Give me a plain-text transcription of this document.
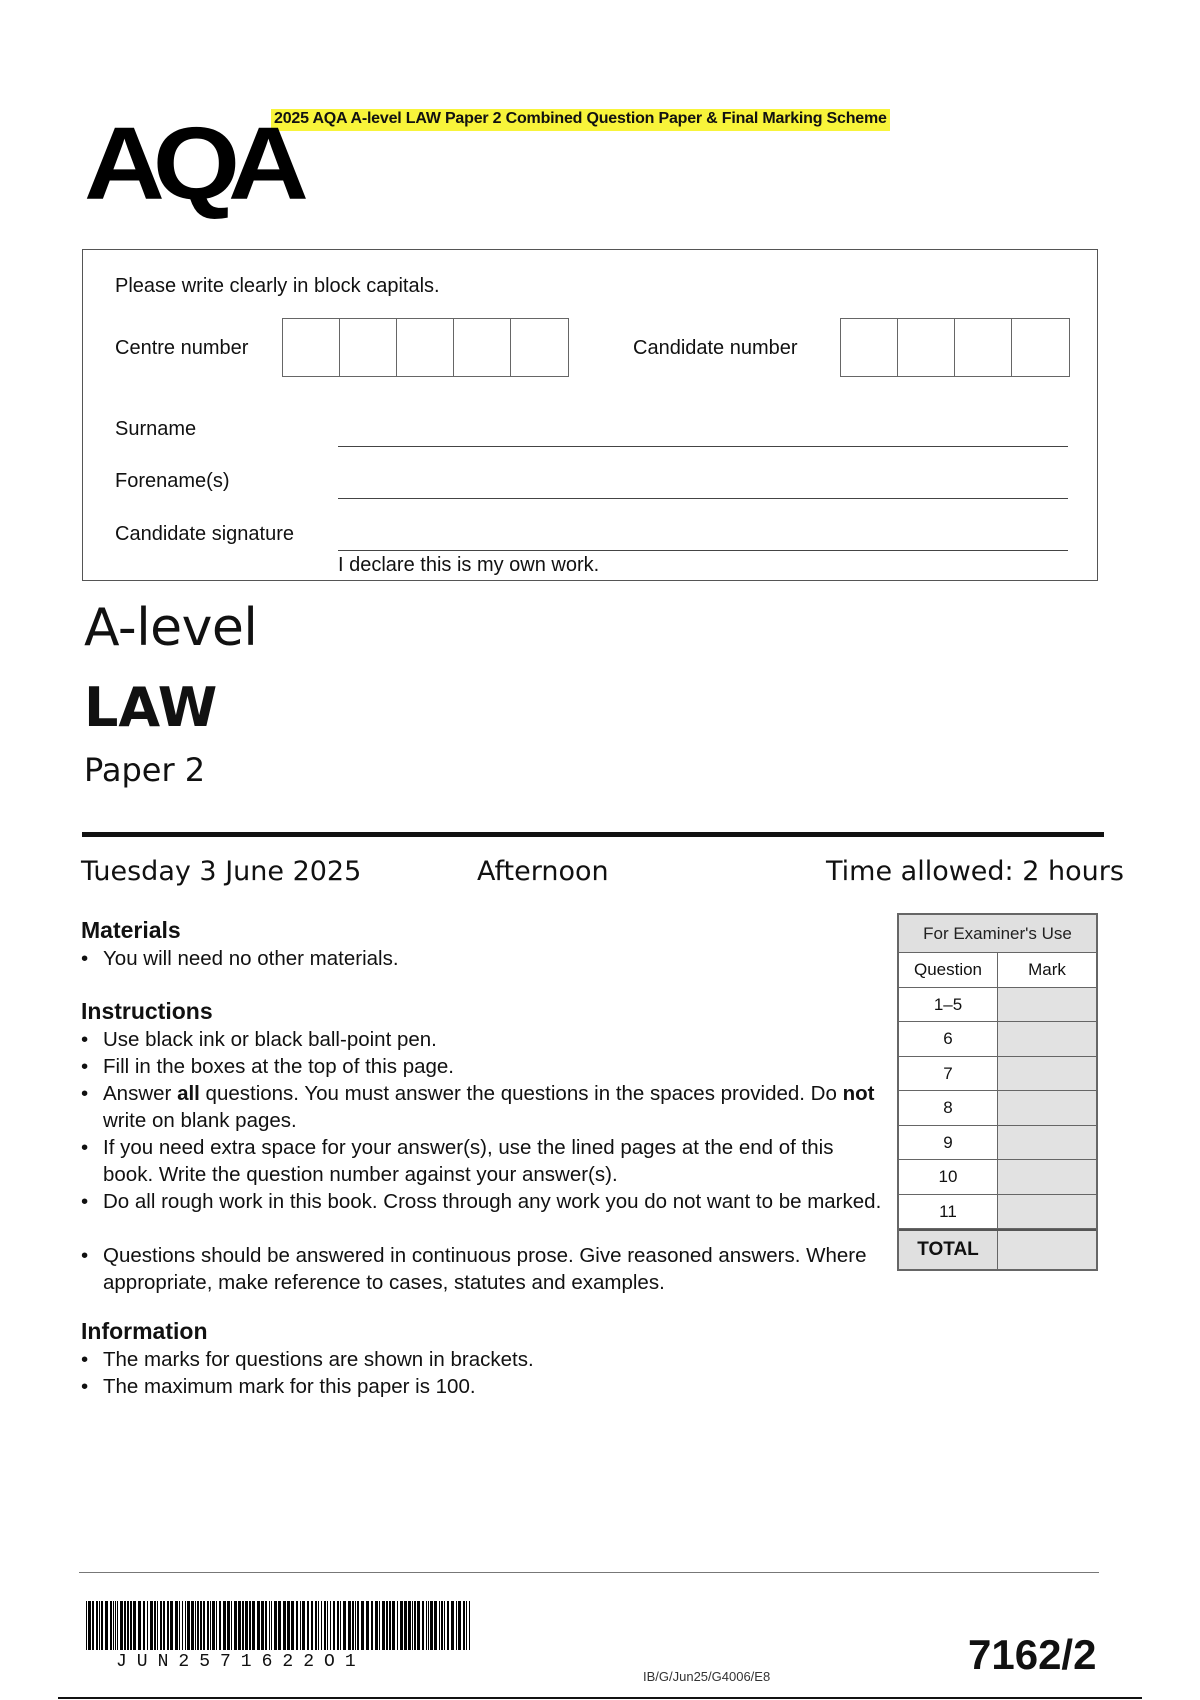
2025 AQA A-level LAW Paper 2 Combined Question Paper & Final Marking Scheme
AQA
Please write clearly in block capitals.
Centre number	Candidate number
Surname
Forename(s)
Candidate signature
I declare this is my own work.
A-level
LAW
Paper 2
Tuesday 3 June 2025	Afternoon	Time allowed: 2 hours
Materials
• You will need no other materials.
Instructions
• Use black ink or black ball-point pen.
• Fill in the boxes at the top of this page.
• Answer all questions. You must answer the questions in the spaces provided. Do not write on blank pages.
• If you need extra space for your answer(s), use the lined pages at the end of this book. Write the question number against your answer(s).
• Do all rough work in this book. Cross through any work you do not want to be marked.
• Questions should be answered in continuous prose. Give reasoned answers. Where appropriate, make reference to cases, statutes and examples.
Information
• The marks for questions are shown in brackets.
• The maximum mark for this paper is 100.
For Examiner's Use
Question	Mark
1–5
6
7
8
9
10
11
TOTAL
JUN2571622O1
IB/G/Jun25/G4006/E8	7162/2
